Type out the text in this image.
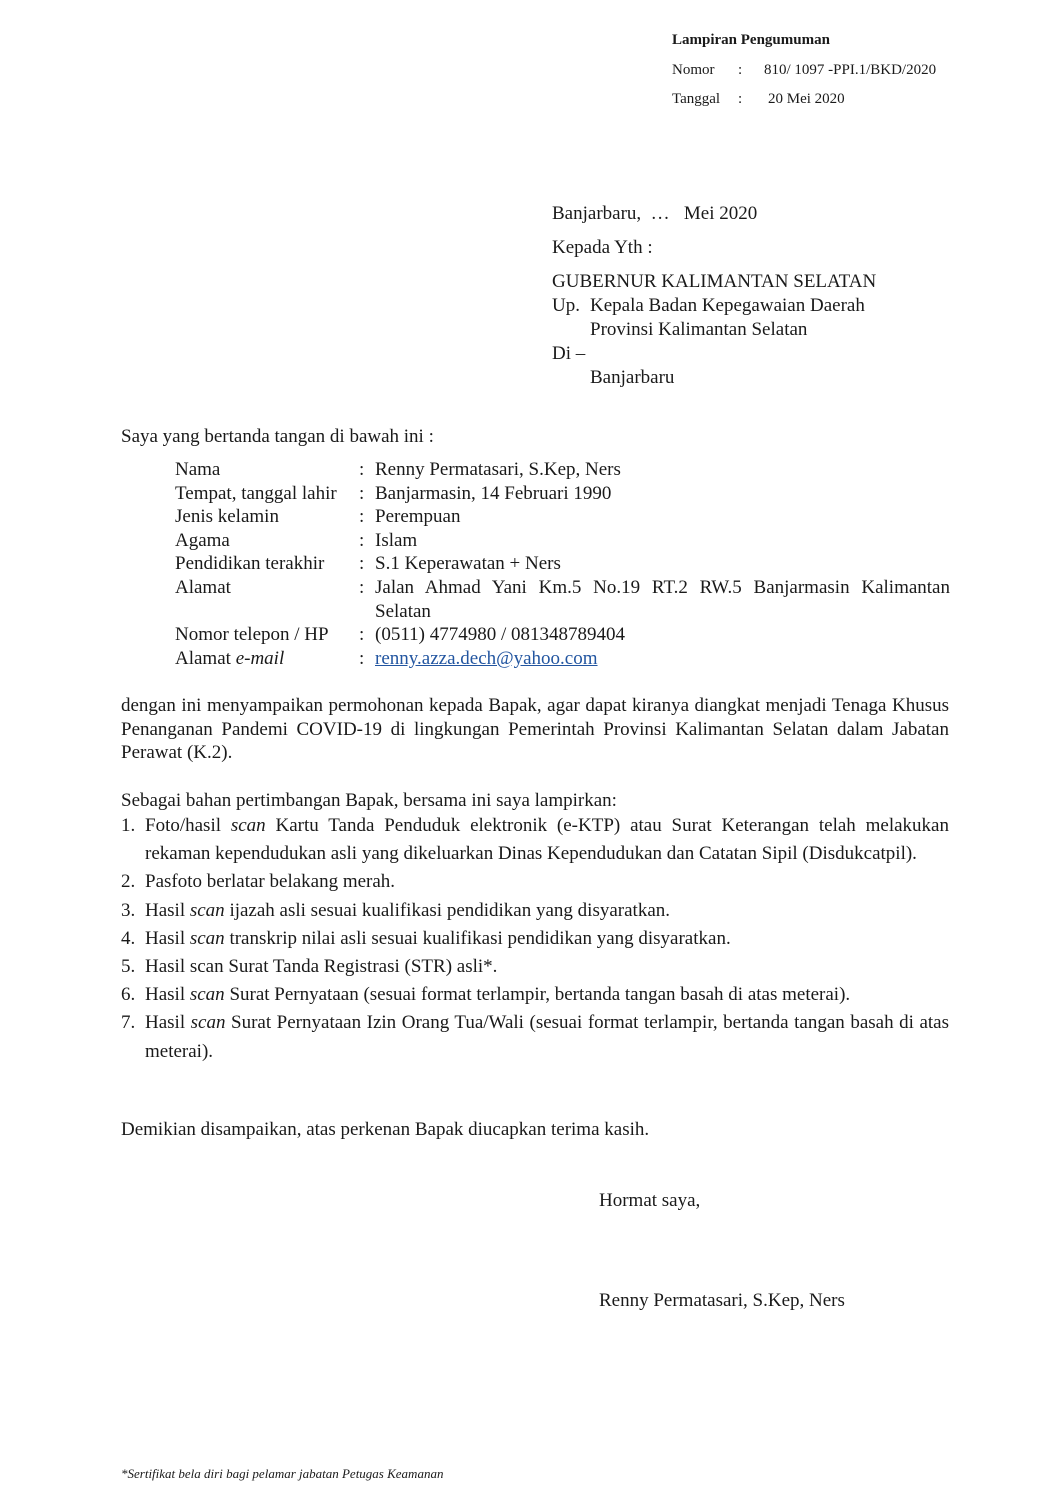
Lampiran Pengumuman
Nomor : 810/ 1097 -PPI.1/BKD/2020
Tanggal : 20 Mei 2020
Banjarbaru,  …   Mei 2020
Kepada Yth :
GUBERNUR KALIMANTAN SELATAN
Up. Kepala Badan Kepegawaian Daerah
Provinsi Kalimantan Selatan
Di –
Banjarbaru
Saya yang bertanda tangan di bawah ini :
Nama	: Renny Permatasari, S.Kep, Ners
Tempat, tanggal lahir	: Banjarmasin, 14 Februari 1990
Jenis kelamin	: Perempuan
Agama	: Islam
Pendidikan terakhir	: S.1 Keperawatan + Ners
Alamat	: Jalan Ahmad Yani Km.5 No.19 RT.2 RW.5 Banjarmasin Kalimantan Selatan
Nomor telepon / HP	: (0511) 4774980 / 081348789404
Alamat e-mail	: renny.azza.dech@yahoo.com
dengan ini menyampaikan permohonan kepada Bapak, agar dapat kiranya diangkat menjadi Tenaga Khusus Penanganan Pandemi COVID-19 di lingkungan Pemerintah Provinsi Kalimantan Selatan dalam Jabatan Perawat (K.2).
Sebagai bahan pertimbangan Bapak, bersama ini saya lampirkan:
1. Foto/hasil scan Kartu Tanda Penduduk elektronik (e-KTP) atau Surat Keterangan telah melakukan rekaman kependudukan asli yang dikeluarkan Dinas Kependudukan dan Catatan Sipil (Disdukcatpil).
2. Pasfoto berlatar belakang merah.
3. Hasil scan ijazah asli sesuai kualifikasi pendidikan yang disyaratkan.
4. Hasil scan transkrip nilai asli sesuai kualifikasi pendidikan yang disyaratkan.
5. Hasil scan Surat Tanda Registrasi (STR) asli*.
6. Hasil scan Surat Pernyataan (sesuai format terlampir, bertanda tangan basah di atas meterai).
7. Hasil scan Surat Pernyataan Izin Orang Tua/Wali (sesuai format terlampir, bertanda tangan basah di atas meterai).
Demikian disampaikan, atas perkenan Bapak diucapkan terima kasih.
Hormat saya,
Renny Permatasari, S.Kep, Ners
*Sertifikat bela diri bagi pelamar jabatan Petugas Keamanan
